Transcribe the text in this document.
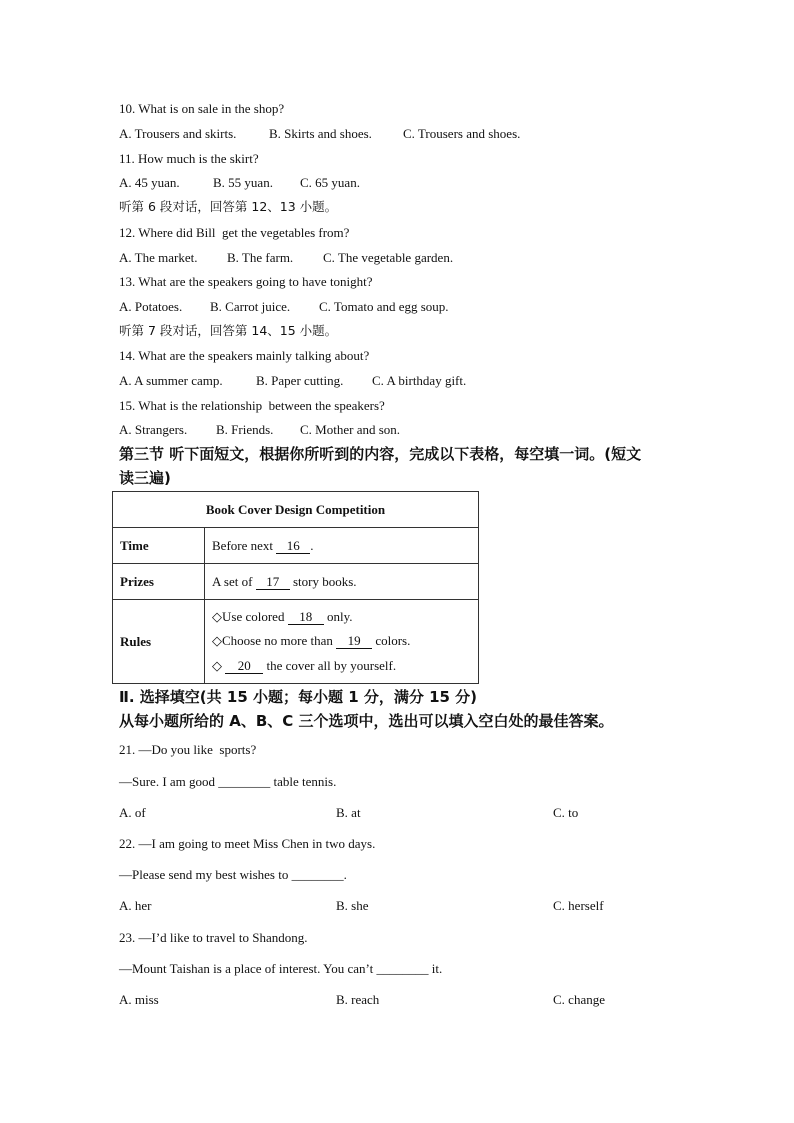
10. What is on sale in the shop?
A. Trousers and skirts.	B. Skirts and shoes. C. Trousers and shoes.
11. How much is the skirt?
A. 45 yuan.	B. 55 yuan. C. 65 yuan.
听第 6 段对话，回答第 12、13 小题。
12. Where did Bill  get the vegetables from?
A. The market. B. The farm. C. The vegetable garden.
13. What are the speakers going to have tonight?
A. Potatoes. B. Carrot juice. C. Tomato and egg soup.
听第 7 段对话，回答第 14、15 小题。
14. What are the speakers mainly talking about?
A. A summer camp.	B. Paper cutting. C. A birthday gift.
15. What is the relationship  between the speakers?
A. Strangers. B. Friends. C. Mother and son.
第三节 听下面短文，根据你所听到的内容，完成以下表格，每空填一词。(短文
读三遍)
Book Cover Design Competition	
Time	Before next 16 .
Prizes	A set of 17 story books.
Rules	◇Use colored 18 only.
◇Choose no more than 19 colors.
◇ 20 the cover all by yourself.
Ⅱ. 选择填空(共 15 小题；每小题 1 分，满分 15 分)
从每小题所给的 A、B、C 三个选项中，选出可以填入空白处的最佳答案。
21. —Do you like  sports?
—Sure. I am good ________ table tennis.
A. of	B. at	C. to
22. —I am going to meet Miss Chen in two days.
—Please send my best wishes to ________.
A. her	B. she	C. herself
23. —I’d like to travel to Shandong.
—Mount Taishan is a place of interest. You can’t ________ it.
A. miss	B. reach	C. change
